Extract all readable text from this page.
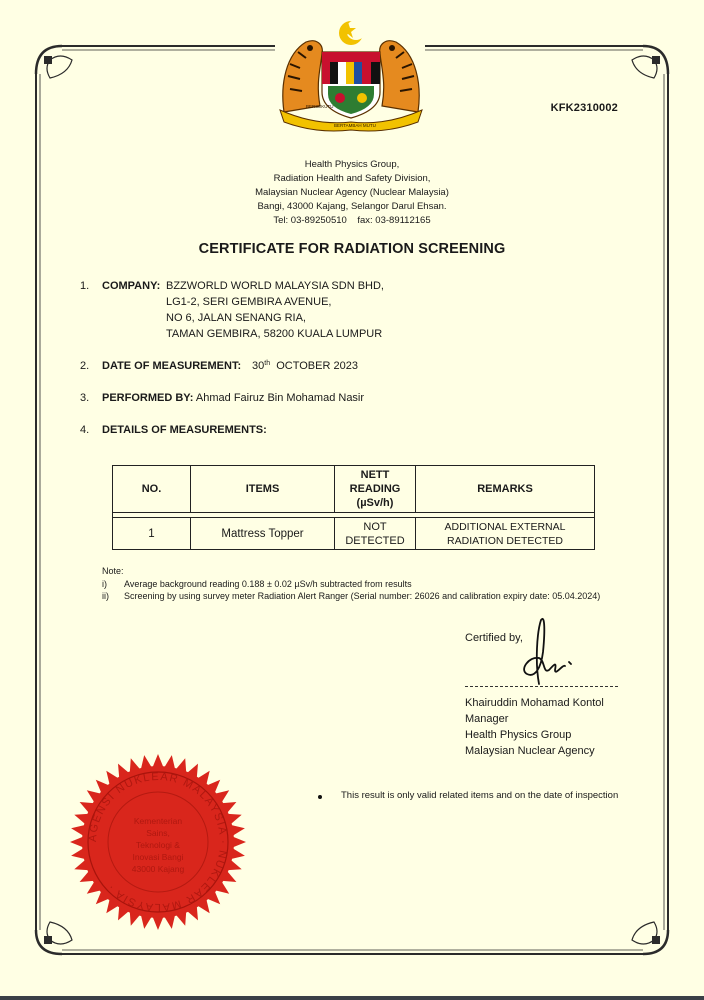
BERSEKUTU
BERTAMBAH MUTU
KFK2310002
Health Physics Group,
Radiation Health and Safety Division,
Malaysian Nuclear Agency (Nuclear Malaysia)
Bangi, 43000 Kajang, Selangor Darul Ehsan.
Tel: 03-89250510    fax: 03-89112165
CERTIFICATE FOR RADIATION SCREENING
1. COMPANY: BZZWORLD WORLD MALAYSIA SDN BHD,
LG1-2, SERI GEMBIRA AVENUE,
NO 6, JALAN SENANG RIA,
TAMAN GEMBIRA, 58200 KUALA LUMPUR
2. DATE OF MEASUREMENT: 30th OCTOBER 2023
3. PERFORMED BY: Ahmad Fairuz Bin Mohamad Nasir
4. DETAILS OF MEASUREMENTS:
NO.	ITEMS	NETT
READING
(µSv/h)	REMARKS

1	Mattress Topper	NOT DETECTED	ADDITIONAL EXTERNAL
RADIATION DETECTED
Note:
i)	Average background reading 0.188 ± 0.02 µSv/h subtracted from results
ii)	Screening by using survey meter Radiation Alert Ranger (Serial number: 26026 and calibration expiry date: 05.04.2024)
Certified by,
Khairuddin Mohamad Kontol
Manager
Health Physics Group
Malaysian Nuclear Agency
This result is only valid related items and on the date of inspection
AGENSI NUKLEAR MALAYSIA · NUKLEAR MALAYSIA ·
Kementerian
Sains,
Teknologi &
Inovasi Bangi
43000 Kajang
